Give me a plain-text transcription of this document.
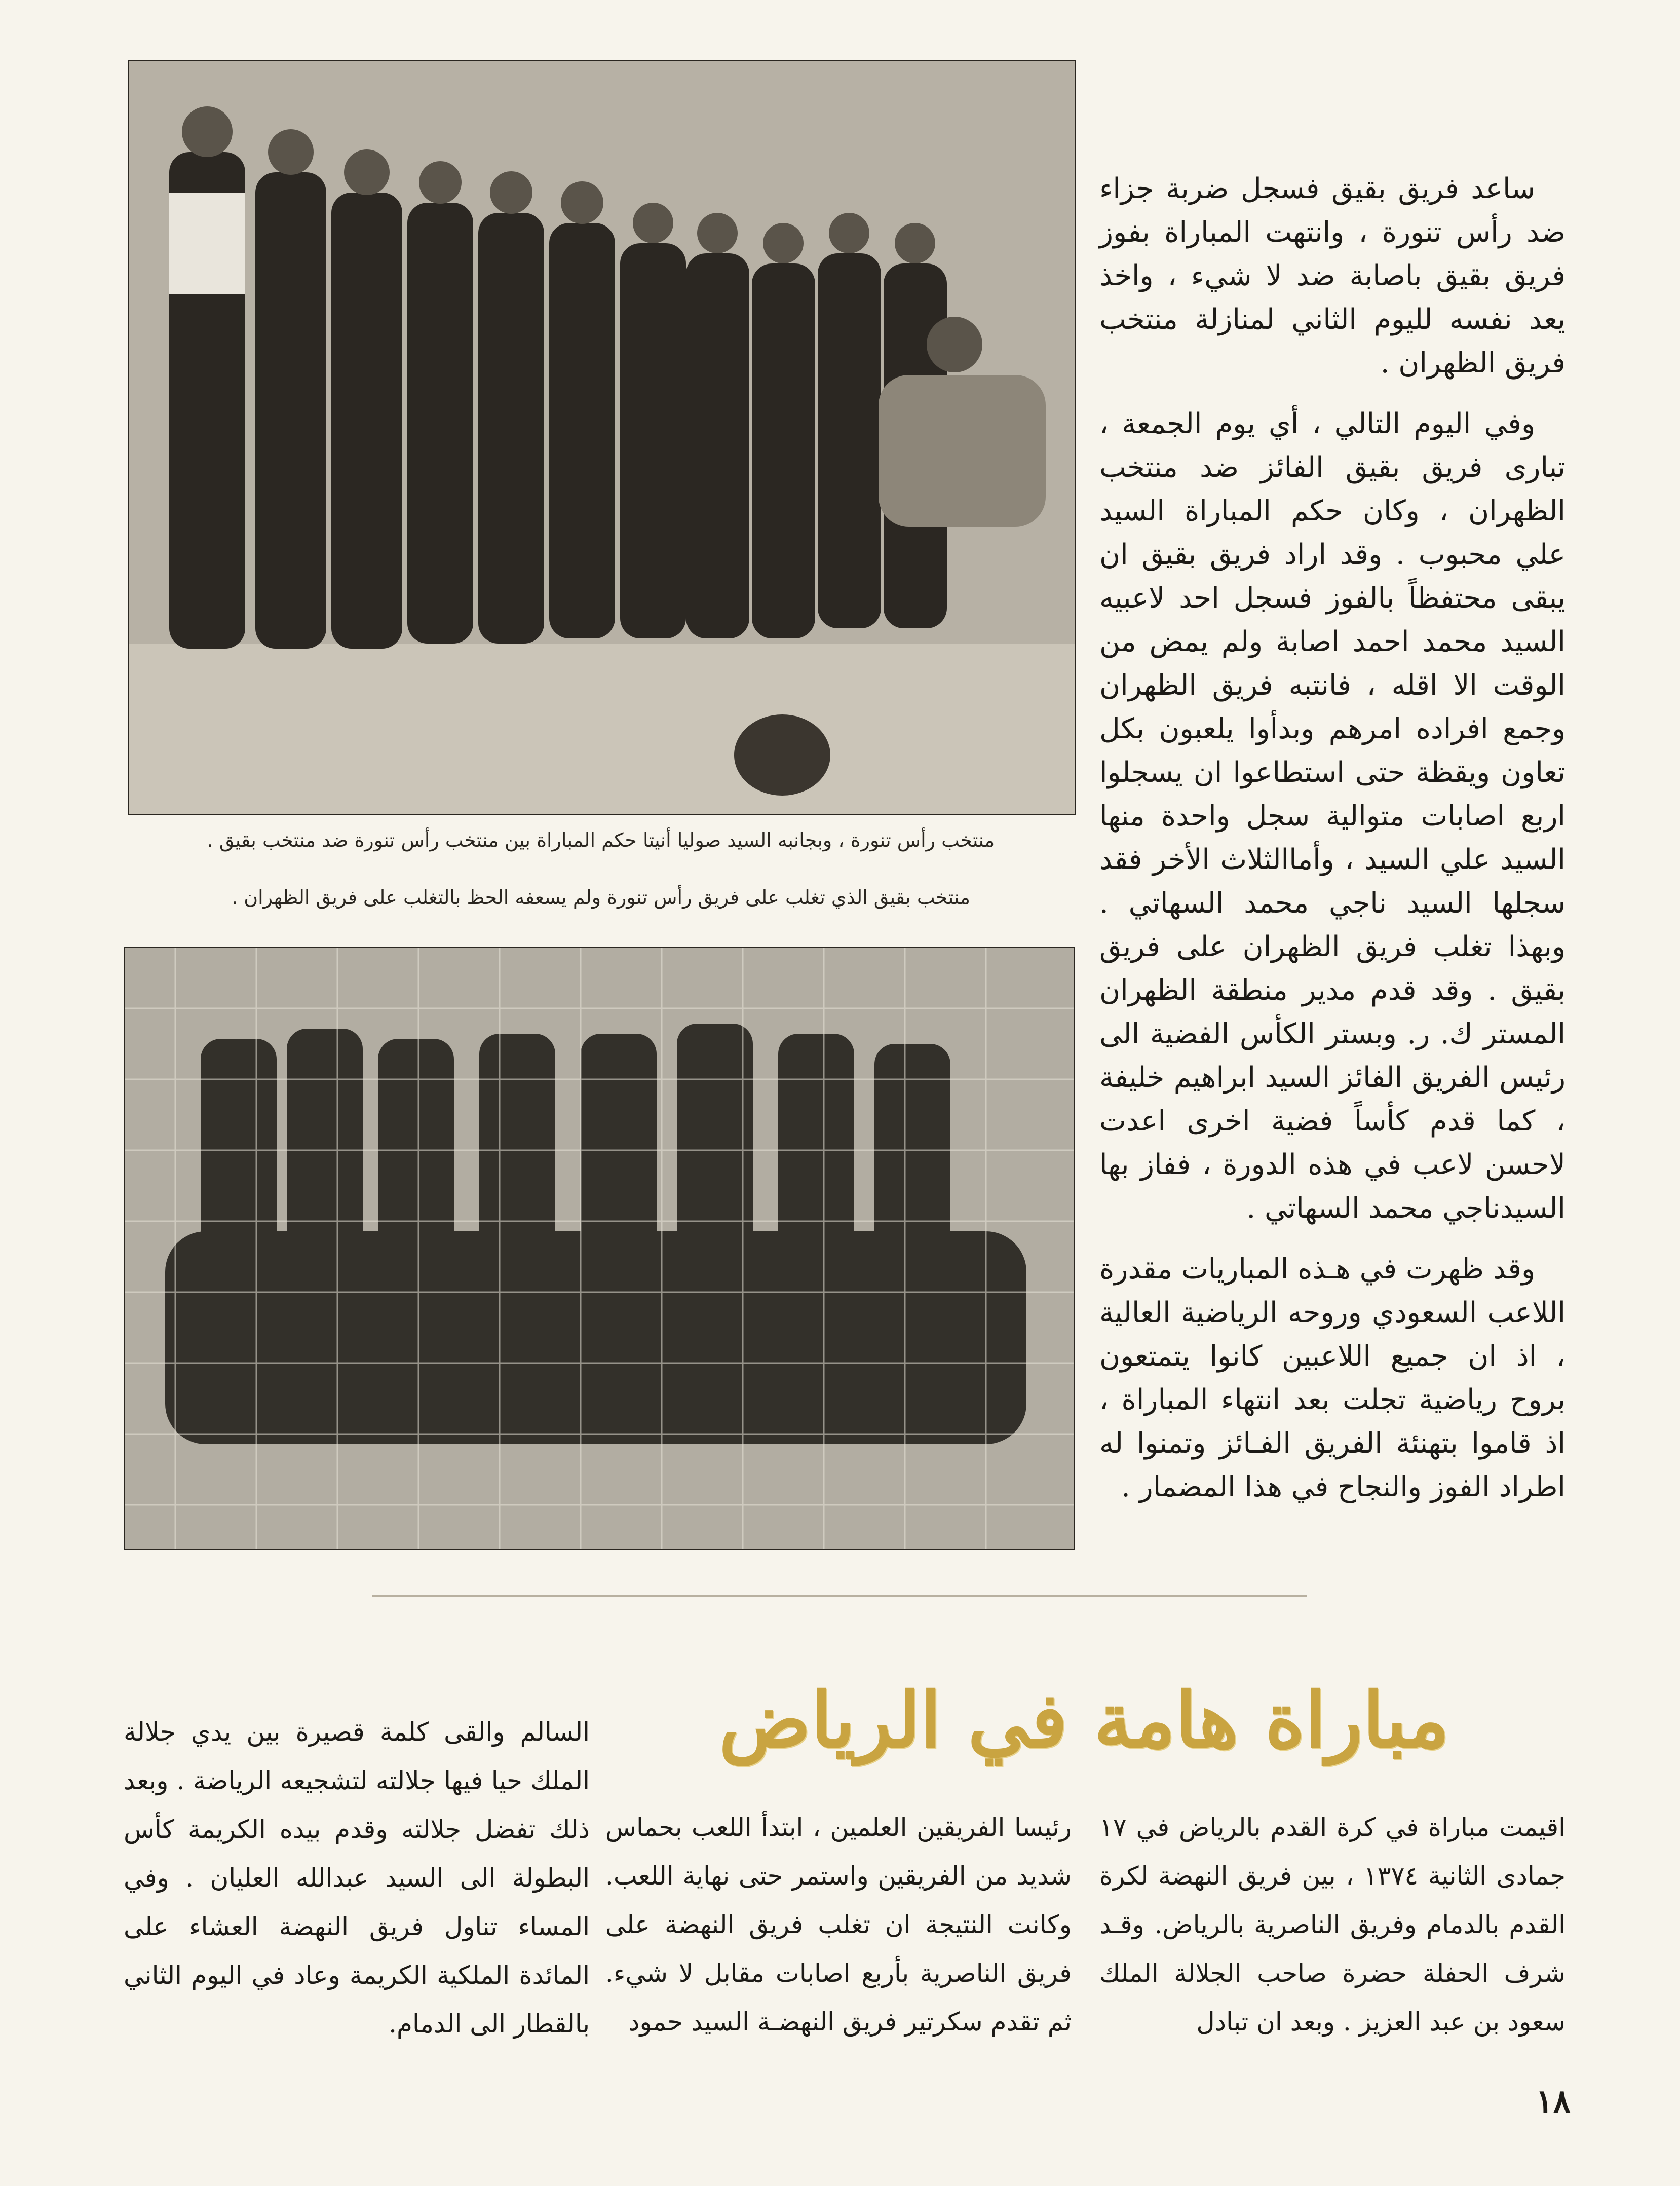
منتخب رأس تنورة ، وبجانبه السيد صوليا أنيتا حكم المباراة بين منتخب رأس تنورة ضد منتخب بقيق .
منتخب بقيق الذي تغلب على فريق رأس تنورة ولم يسعفه الحظ بالتغلب على فريق الظهران .

ساعد فريق بقيق فسجل ضربة جزاء ضد رأس تنورة ، وانتهت المباراة بفوز فريق بقيق باصابة ضد لا شيء ، واخذ يعد نفسه لليوم الثاني لمنازلة منتخب فريق الظهران .

وفي اليوم التالي ، أي يوم الجمعة ، تبارى فريق بقيق الفائز ضد منتخب الظهران ، وكان حكم المباراة السيد علي محبوب . وقد اراد فريق بقيق ان يبقى محتفظاً بالفوز فسجل احد لاعبيه السيد محمد احمد اصابة ولم يمض من الوقت الا اقله ، فانتبه فريق الظهران وجمع افراده امرهم وبدأوا يلعبون بكل تعاون ويقظة حتى استطاعوا ان يسجلوا اربع اصابات متوالية سجل واحدة منها السيد علي السيد ، وأماالثلاث الأخر فقد سجلها السيد ناجي محمد السهاتي . وبهذا تغلب فريق الظهران على فريق بقيق . وقد قدم مدير منطقة الظهران المستر ك. ر. وبستر الكأس الفضية الى رئيس الفريق الفائز السيد ابراهيم خليفة ، كما قدم كأساً فضية اخرى اعدت لاحسن لاعب في هذه الدورة ، ففاز بها السيدناجي محمد السهاتي .

وقد ظهرت في هـذه المباريات مقدرة اللاعب السعودي وروحه الرياضية العالية ، اذ ان جميع اللاعبين كانوا يتمتعون بروح رياضية تجلت بعد انتهاء المباراة ، اذ قاموا بتهنئة الفريق الفـائز وتمنوا له اطراد الفوز والنجاح في هذا المضمار .

مباراة هامة في الرياض
السالم والقى كلمة قصيرة بين يدي جلالة الملك حيا فيها جلالته لتشجيعه الرياضة . وبعد ذلك تفضل جلالته وقدم بيده الكريمة كأس البطولة الى السيد عبدالله العليان . وفي المساء تناول فريق النهضة العشاء على المائدة الملكية الكريمة وعاد في اليوم الثاني بالقطار الى الدمام.
رئيسا الفريقين العلمين ، ابتدأ اللعب بحماس شديد من الفريقين واستمر حتى نهاية اللعب. وكانت النتيجة ان تغلب فريق النهضة على فريق الناصرية بأربع اصابات مقابل لا شيء. ثم تقدم سكرتير فريق النهضـة السيد حمود
اقيمت مباراة في كرة القدم بالرياض في ١٧ جمادى الثانية ١٣٧٤ ، بين فريق النهضة لكرة القدم بالدمام وفريق الناصرية بالرياض. وقـد شرف الحفلة حضرة صاحب الجلالة الملك سعود بن عبد العزيز . وبعد ان تبادل
١٨
